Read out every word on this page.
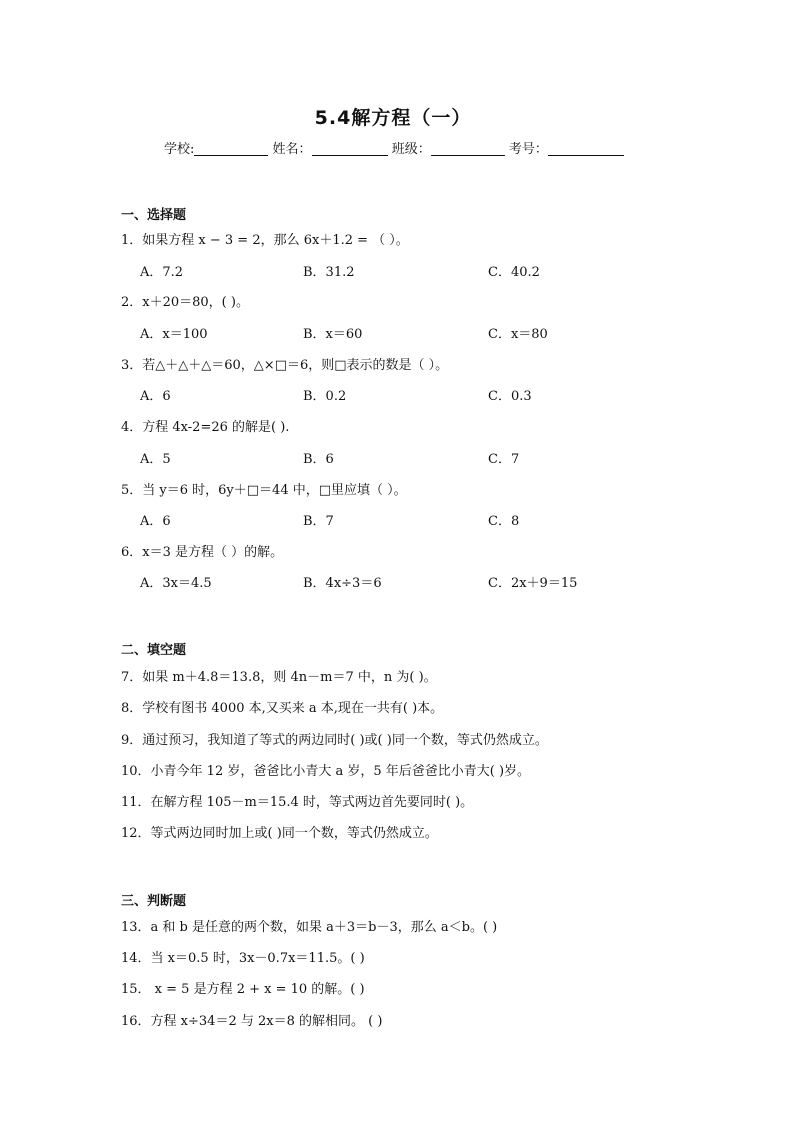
5.4解方程（一）
学校:	姓名：	班级：	考号：
一、选择题
1．如果方程 x − 3 = 2，那么 6x＋1.2 = （ ）。
A．7.2	B．31.2	C．40.2
2．x＋20＝80，( )。
A．x＝100	B．x＝60	C．x＝80
3．若△＋△＋△＝60，△×□＝6，则□表示的数是（ ）。
A．6	B．0.2	C．0.3
4．方程 4x-2=26 的解是( ).
A．5	B．6	C．7
5．当 y＝6 时，6y＋□＝44 中，□里应填（ ）。
A．6	B．7	C．8
6．x＝3 是方程（ ）的解。
A．3x＝4.5	B．4x÷3＝6	C．2x＋9＝15
二、填空题
7．如果 m＋4.8＝13.8，则 4n－m＝7 中，n 为( )。
8．学校有图书 4000 本,又买来 a 本,现在一共有( )本。
9．通过预习，我知道了等式的两边同时( )或( )同一个数，等式仍然成立。
10．小青今年 12 岁，爸爸比小青大 a 岁，5 年后爸爸比小青大( )岁。
11．在解方程 105－m＝15.4 时，等式两边首先要同时( )。
12．等式两边同时加上或( )同一个数，等式仍然成立。
三、判断题
13．a 和 b 是任意的两个数，如果 a＋3＝b－3，那么 a＜b。( )
14．当 x＝0.5 时，3x－0.7x＝11.5。( )
15． x = 5 是方程 2 + x = 10 的解。( )
16．方程 x÷34＝2 与 2x＝8 的解相同。 ( )
